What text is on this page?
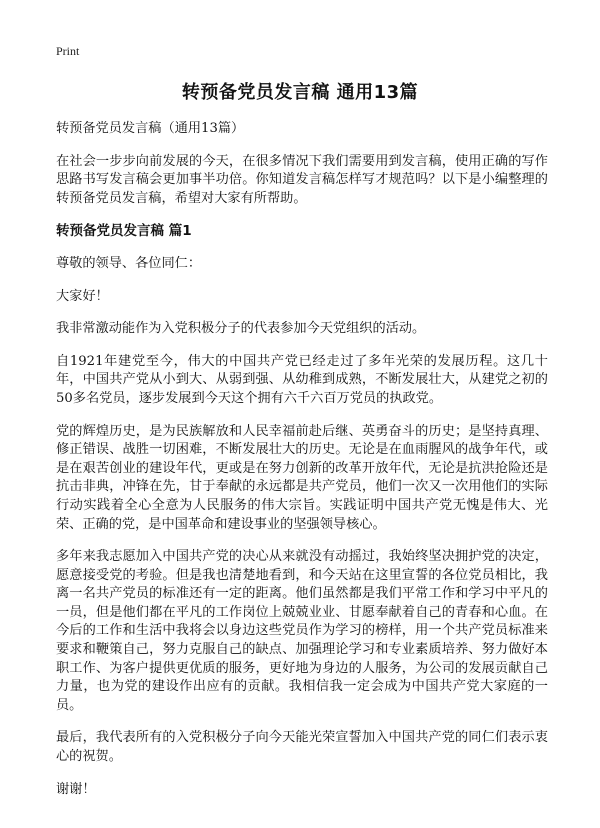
Print
转预备党员发言稿 通用13篇
转预备党员发言稿（通用13篇）
在社会一步步向前发展的今天，在很多情况下我们需要用到发言稿，使用正确的写作思路书写发言稿会更加事半功倍。你知道发言稿怎样写才规范吗？以下是小编整理的转预备党员发言稿，希望对大家有所帮助。
转预备党员发言稿 篇1
尊敬的领导、各位同仁：
大家好！
我非常激动能作为入党积极分子的代表参加今天党组织的活动。
自1921年建党至今，伟大的中国共产党已经走过了多年光荣的发展历程。这几十年，中国共产党从小到大、从弱到强、从幼稚到成熟，不断发展壮大，从建党之初的50多名党员，逐步发展到今天这个拥有六千六百万党员的执政党。
党的辉煌历史，是为民族解放和人民幸福前赴后继、英勇奋斗的历史；是坚持真理、修正错误、战胜一切困难，不断发展壮大的历史。无论是在血雨腥风的战争年代，或是在艰苦创业的建设年代，更或是在努力创新的改革开放年代，无论是抗洪抢险还是抗击非典，冲锋在先，甘于奉献的永远都是共产党员，他们一次又一次用他们的实际行动实践着全心全意为人民服务的伟大宗旨。实践证明中国共产党无愧是伟大、光荣、正确的党，是中国革命和建设事业的坚强领导核心。
多年来我志愿加入中国共产党的决心从来就没有动摇过，我始终坚决拥护党的决定，愿意接受党的考验。但是我也清楚地看到，和今天站在这里宣誓的各位党员相比，我离一名共产党员的标准还有一定的距离。他们虽然都是我们平常工作和学习中平凡的一员，但是他们都在平凡的工作岗位上兢兢业业、甘愿奉献着自己的青春和心血。在今后的工作和生活中我将会以身边这些党员作为学习的榜样，用一个共产党员标准来要求和鞭策自己，努力克服自己的缺点、加强理论学习和专业素质培养、努力做好本职工作、为客户提供更优质的服务，更好地为身边的人服务，为公司的发展贡献自己力量，也为党的建设作出应有的贡献。我相信我一定会成为中国共产党大家庭的一员。
最后，我代表所有的入党积极分子向今天能光荣宣誓加入中国共产党的同仁们表示衷心的祝贺。
谢谢！
